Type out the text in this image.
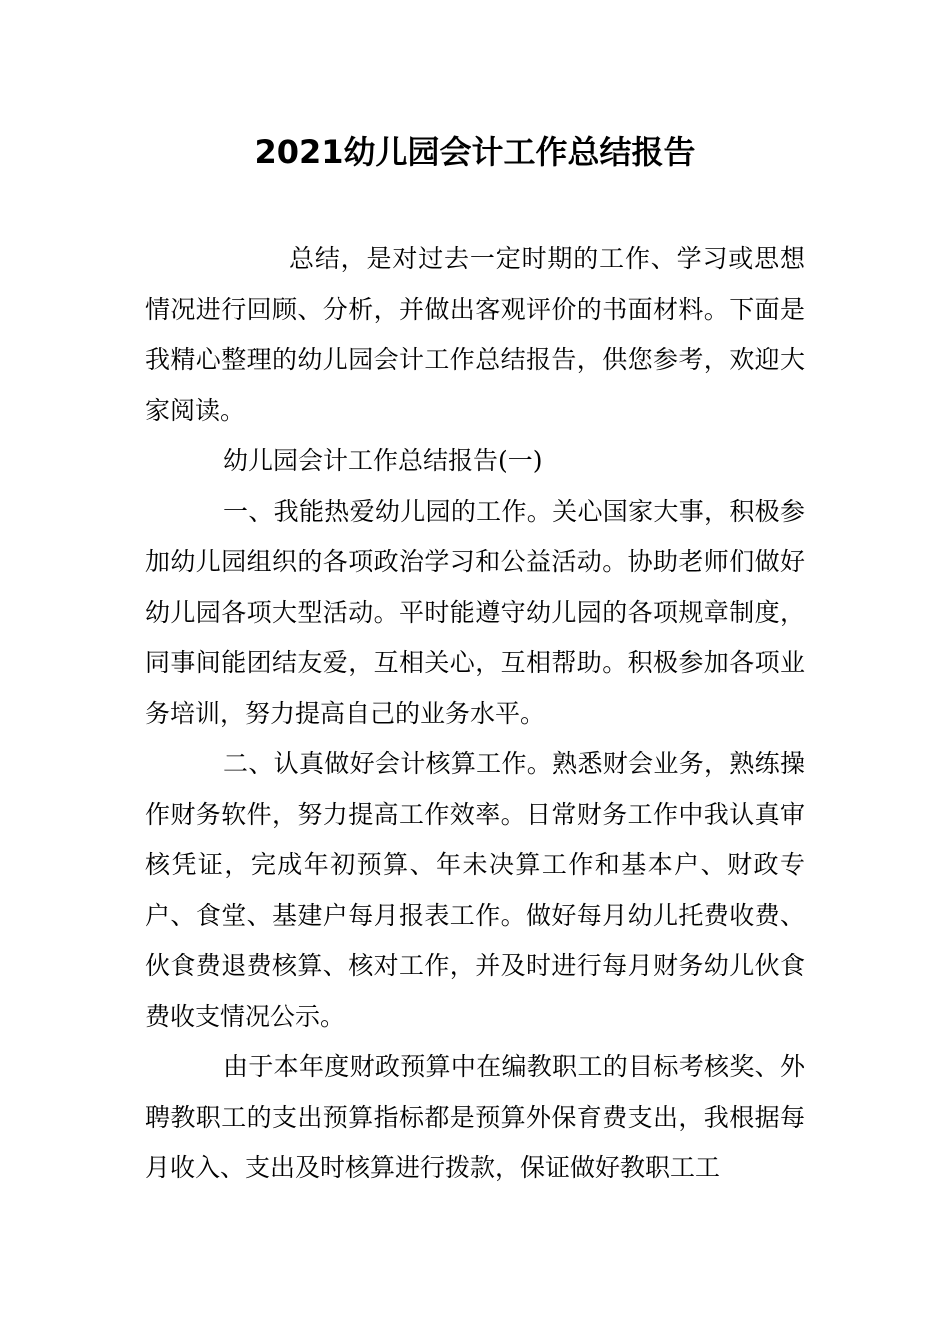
2021幼儿园会计工作总结报告

总结，是对过去一定时期的工作、学习或思想情况进行回顾、分析，并做出客观评价的书面材料。下面是我精心整理的幼儿园会计工作总结报告，供您参考，欢迎大家阅读。

幼儿园会计工作总结报告(一)

一、我能热爱幼儿园的工作。关心国家大事，积极参加幼儿园组织的各项政治学习和公益活动。协助老师们做好幼儿园各项大型活动。平时能遵守幼儿园的各项规章制度，同事间能团结友爱，互相关心，互相帮助。积极参加各项业务培训，努力提高自己的业务水平。

二、认真做好会计核算工作。熟悉财会业务，熟练操作财务软件，努力提高工作效率。日常财务工作中我认真审核凭证，完成年初预算、年未决算工作和基本户、财政专户、食堂、基建户每月报表工作。做好每月幼儿托费收费、伙食费退费核算、核对工作，并及时进行每月财务幼儿伙食费收支情况公示。

由于本年度财政预算中在编教职工的目标考核奖、外聘教职工的支出预算指标都是预算外保育费支出，我根据每月收入、支出及时核算进行拨款，保证做好教职工工
